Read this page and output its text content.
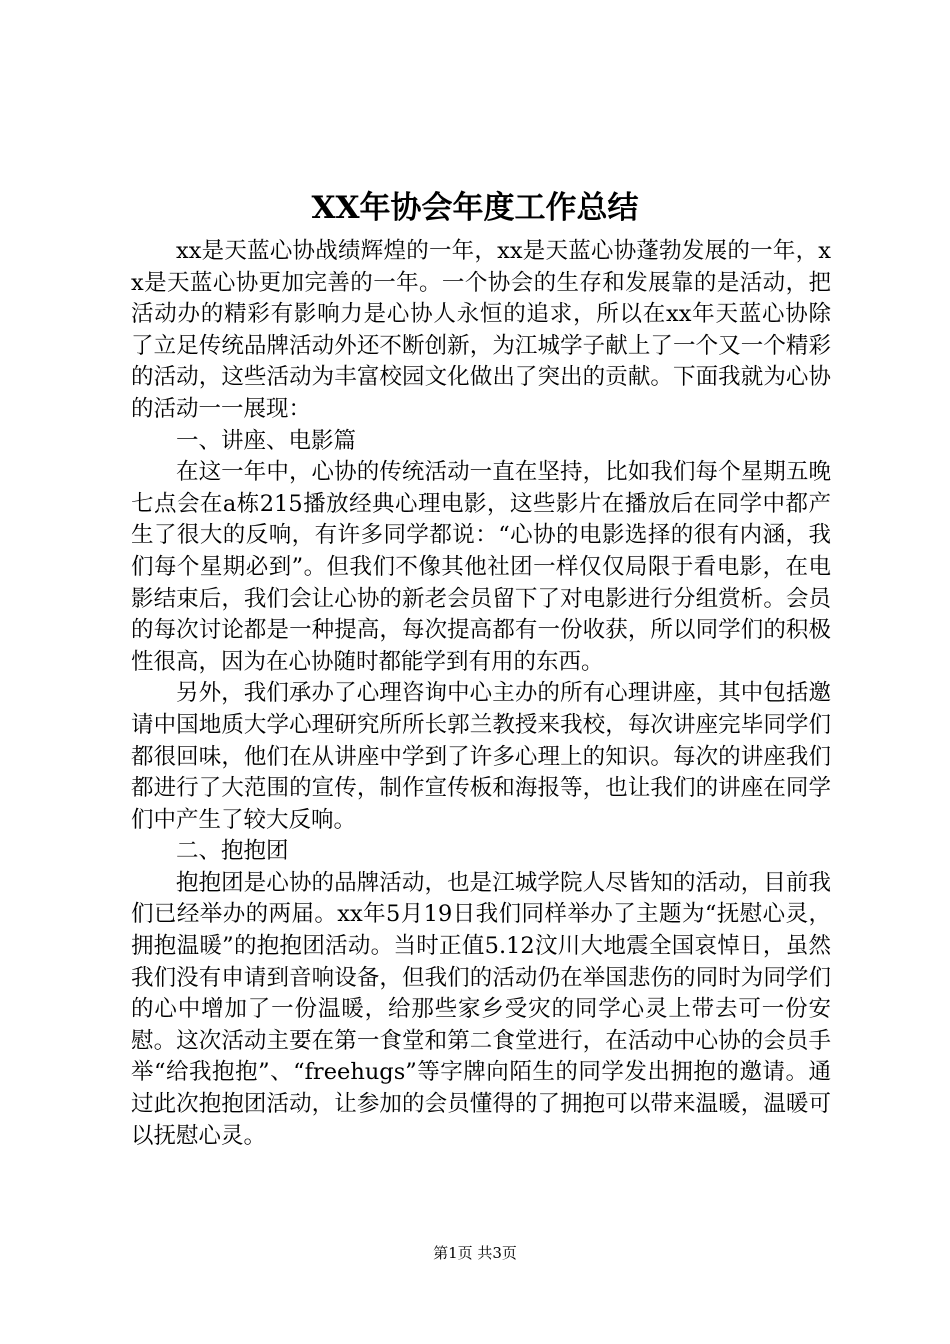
XX年协会年度工作总结

xx是天蓝心协战绩辉煌的一年，xx是天蓝心协蓬勃发展的一年，xx是天蓝心协更加完善的一年。一个协会的生存和发展靠的是活动，把活动办的精彩有影响力是心协人永恒的追求，所以在xx年天蓝心协除了立足传统品牌活动外还不断创新，为江城学子献上了一个又一个精彩的活动，这些活动为丰富校园文化做出了突出的贡献。下面我就为心协的活动一一展现：

一、讲座、电影篇

在这一年中，心协的传统活动一直在坚持，比如我们每个星期五晚七点会在a栋215播放经典心理电影，这些影片在播放后在同学中都产生了很大的反响，有许多同学都说：“心协的电影选择的很有内涵，我们每个星期必到”。但我们不像其他社团一样仅仅局限于看电影，在电影结束后，我们会让心协的新老会员留下了对电影进行分组赏析。会员的每次讨论都是一种提高，每次提高都有一份收获，所以同学们的积极性很高，因为在心协随时都能学到有用的东西。

另外，我们承办了心理咨询中心主办的所有心理讲座，其中包括邀请中国地质大学心理研究所所长郭兰教授来我校，每次讲座完毕同学们都很回味，他们在从讲座中学到了许多心理上的知识。每次的讲座我们都进行了大范围的宣传，制作宣传板和海报等，也让我们的讲座在同学们中产生了较大反响。

二、抱抱团

抱抱团是心协的品牌活动，也是江城学院人尽皆知的活动，目前我们已经举办的两届。xx年5月19日我们同样举办了主题为“抚慰心灵，拥抱温暖”的抱抱团活动。当时正值5.12汶川大地震全国哀悼日，虽然我们没有申请到音响设备，但我们的活动仍在举国悲伤的同时为同学们的心中增加了一份温暖，给那些家乡受灾的同学心灵上带去可一份安慰。这次活动主要在第一食堂和第二食堂进行，在活动中心协的会员手举“给我抱抱”、“freehugs”等字牌向陌生的同学发出拥抱的邀请。通过此次抱抱团活动，让参加的会员懂得的了拥抱可以带来温暖，温暖可以抚慰心灵。

第1页 共3页
